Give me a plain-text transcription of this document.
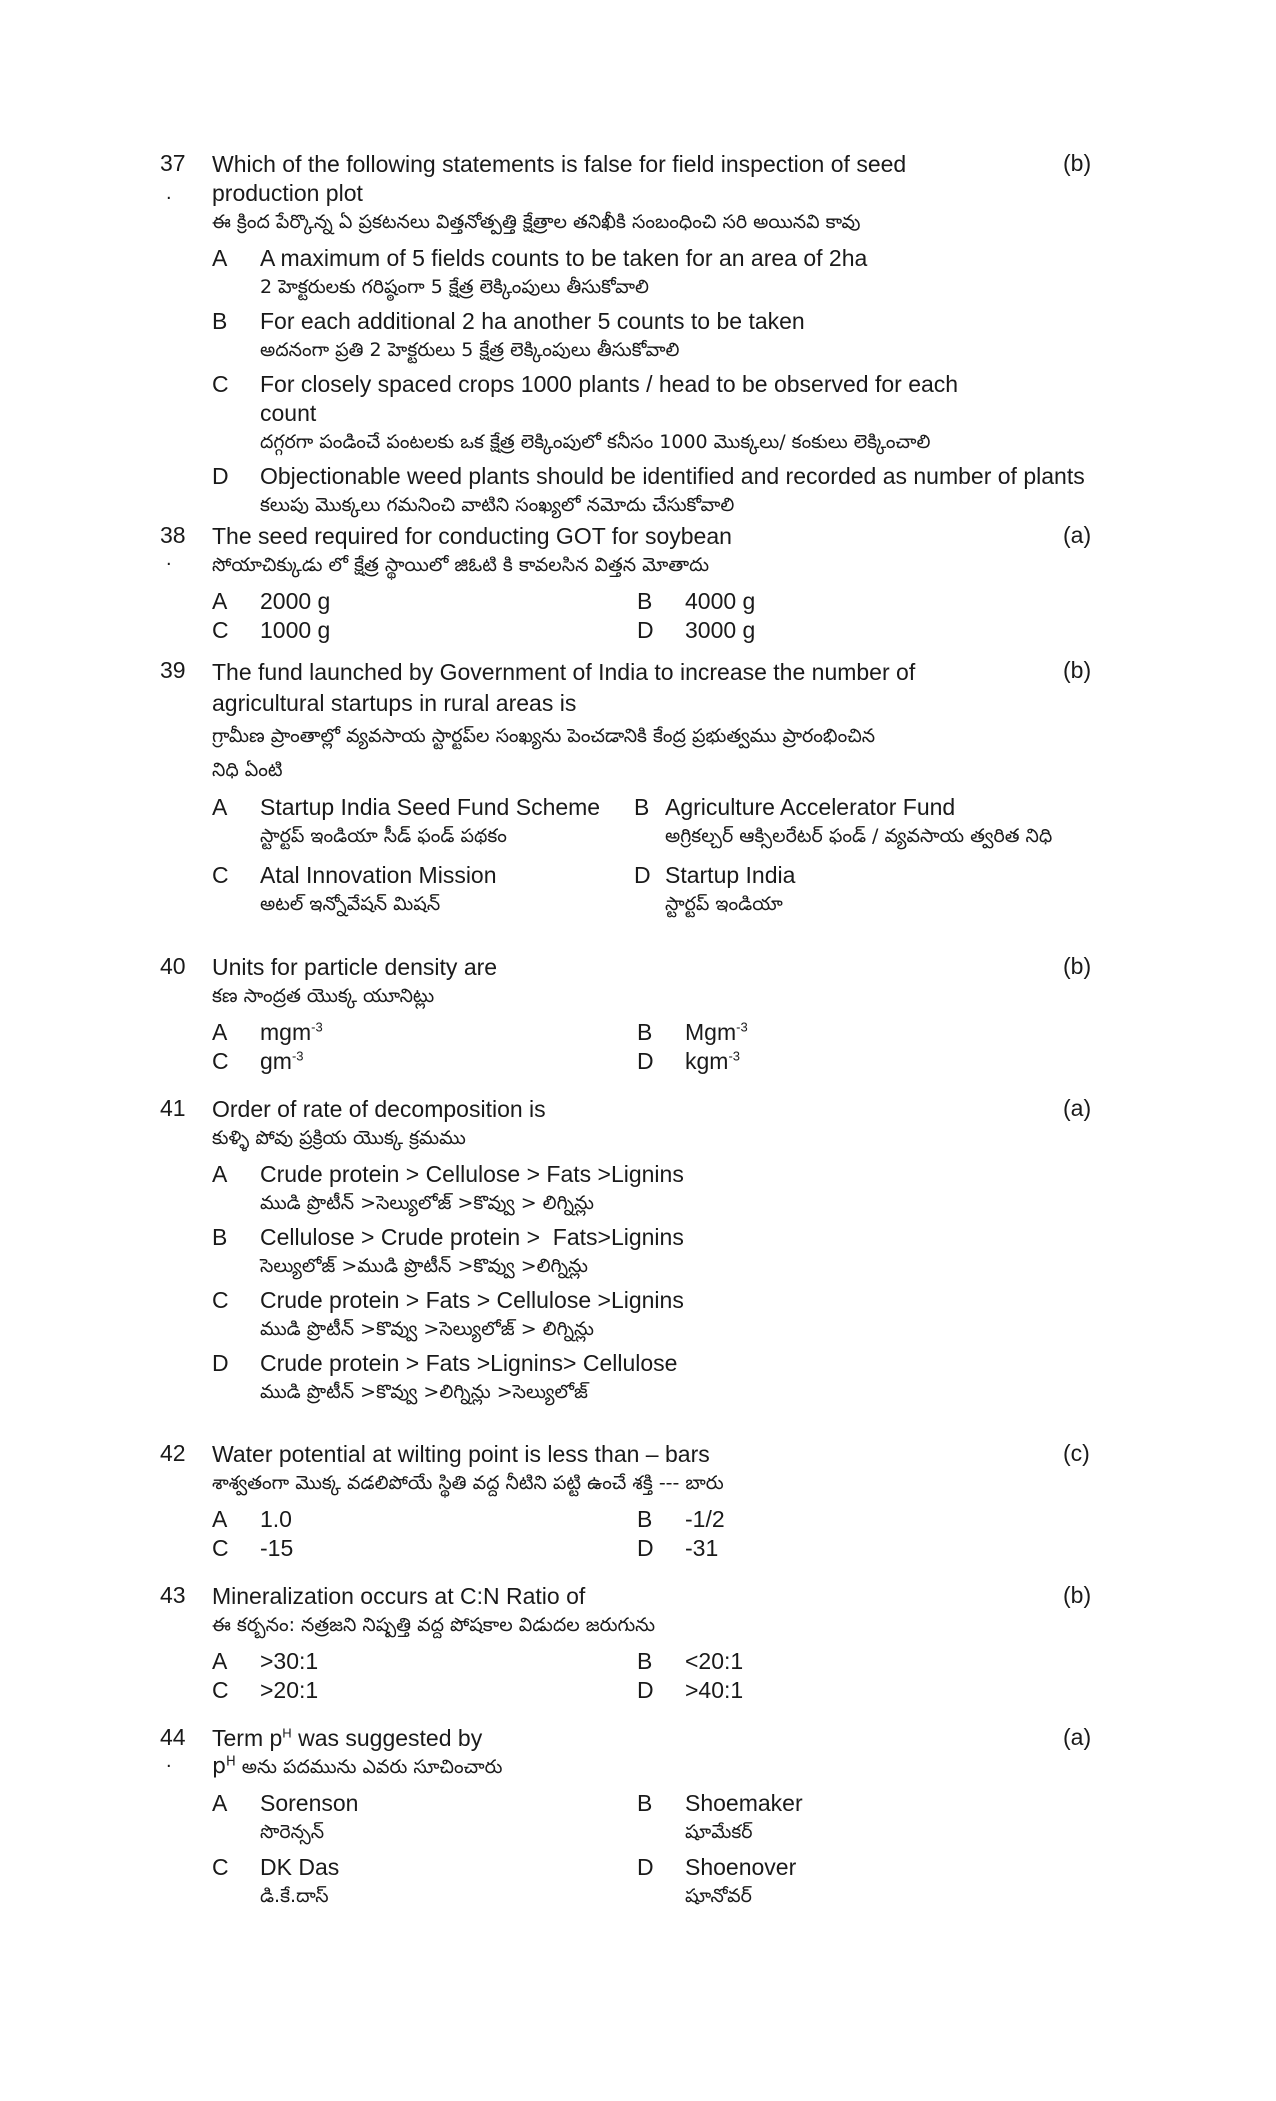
37
.
Which of the following statements is false for field inspection of seed production plot
ఈ క్రింద పేర్కొన్న ఏ ప్రకటనలు విత్తనోత్పత్తి క్షేత్రాల తనిఖీకి సంబంధించి సరి అయినవి కావు
A A maximum of 5 fields counts to be taken for an area of 2ha
2 హెక్టరులకు గరిష్ఠంగా 5 క్షేత్ర లెక్కింపులు తీసుకోవాలి
B For each additional 2 ha another 5 counts to be taken
అదనంగా ప్రతి 2 హెక్టరులు 5 క్షేత్ర లెక్కింపులు తీసుకోవాలి
C For closely spaced crops 1000 plants / head to be observed for each count
దగ్గరగా పండించే పంటలకు ఒక క్షేత్ర లెక్కింపులో కనీసం 1000 మొక్కలు/ కంకులు లెక్కించాలి
D Objectionable weed plants should be identified and recorded as number of plants
కలుపు మొక్కలు గమనించి వాటిని సంఖ్యలో నమోదు చేసుకోవాలి
(b)
38
.
The seed required for conducting GOT for soybean
సోయాచిక్కుడు లో క్షేత్ర స్థాయిలో జిఓటి కి కావలసిన విత్తన మోతాదు
A 2000 g	B 4000 g
C 1000 g	D 3000 g
(a)
39	The fund launched by Government of India to increase the number of
agricultural startups in rural areas is
గ్రామీణ ప్రాంతాల్లో వ్యవసాయ స్టార్టప్‌ల సంఖ్యను పెంచడానికి కేంద్ర ప్రభుత్వము ప్రారంభించిన
నిధి ఏంటి
A Startup India Seed Fund Scheme
స్టార్టప్ ఇండియా సీడ్ ఫండ్ పథకం
B Agriculture Accelerator Fund
అగ్రికల్చర్ ఆక్సిలరేటర్ ఫండ్ / వ్యవసాయ త్వరిత నిధి
C Atal Innovation Mission
అటల్ ఇన్నోవేషన్ మిషన్
D Startup India
స్టార్టప్ ఇండియా
(b)
40	Units for particle density are
కణ సాంద్రత యొక్క యూనిట్లు
A mgm$^{-3}$	B Mgm$^{-3}$
C $gm^{-3}$	D kgm$^{-3}$
(b)
41	Order of rate of decomposition is
కుళ్ళి పోవు ప్రక్రియ యొక్క క్రమము
A Crude protein > Cellulose > Fats >Lignins
ముడి ప్రొటీన్ >సెల్యులోజ్ >కొవ్వు > లిగ్నిన్లు
B Cellulose > Crude protein >  Fats>Lignins
సెల్యులోజ్ >ముడి ప్రొటీన్ >కొవ్వు >లిగ్నిన్లు
C Crude protein > Fats > Cellulose >Lignins
ముడి ప్రొటీన్ >కొవ్వు >సెల్యులోజ్ > లిగ్నిన్లు
D Crude protein > Fats >Lignins> Cellulose
ముడి ప్రొటీన్ >కొవ్వు >లిగ్నిన్లు >సెల్యులోజ్
(a)
42	Water potential at wilting point is less than – bars
శాశ్వతంగా మొక్క వడలిపోయే స్థితి వద్ద నీటిని పట్టి ఉంచే శక్తి --- బారు
A 1.0	B -1/2
C -15	D -31
(c)
43	Mineralization occurs at C:N Ratio of
ఈ కర్బనం: నత్రజని నిష్పత్తి వద్ద పోషకాల విడుదల జరుగును
A >30:1	B <20:1
C >20:1	D >40:1
(b)
44
.
Term $p^H$ was suggested by
$p^H$ అను పదమును ఎవరు సూచించారు
A Sorenson
సొరెన్సన్
B Shoemaker
షూమేకర్
C DK Das
డి.కే.దాస్
D Shoenover
షూనోవర్
(a)
